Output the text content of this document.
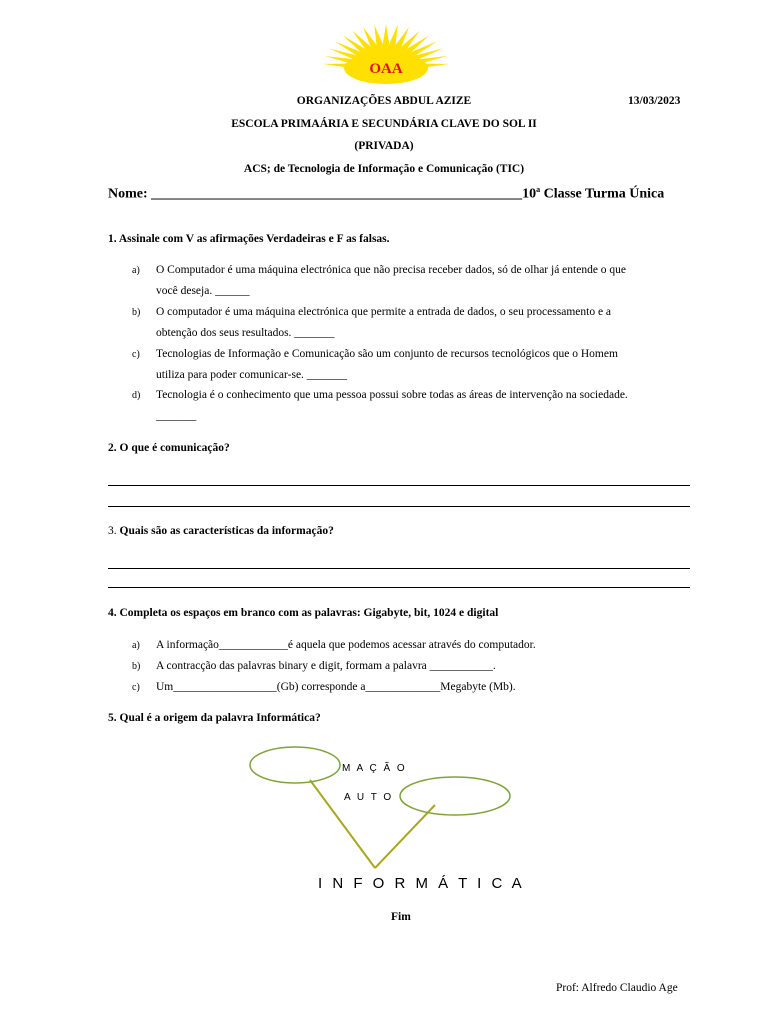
OAA
ORGANIZAÇÕES ABDUL AZIZE	13/03/2023
ESCOLA PRIMAÁRIA E SECUNDÁRIA CLAVE DO SOL II
(PRIVADA)
ACS; de Tecnologia de Informação e Comunicação (TIC)
Nome: _____________________________________________________10$^a$ Classe Turma Única
1. Assinale com V as afirmações Verdadeiras e F as falsas.
a) O Computador é uma máquina electrónica que não precisa receber dados, só de olhar já entende o que
você deseja. ______
b) O computador é uma máquina electrónica que permite a entrada de dados, o seu processamento e a
obtenção dos seus resultados. _______
c) Tecnologias de Informação e Comunicação são um conjunto de recursos tecnológicos que o Homem
utiliza para poder comunicar-se. _______
d) Tecnologia é o conhecimento que uma pessoa possui sobre todas as áreas de intervenção na sociedade.
_______
2. O que é comunicação?
3. Quais são as características da informação?
4. Completa os espaços em branco com as palavras: Gigabyte, bit, 1024 e digital
a) A informação____________é aquela que podemos acessar através do computador.
b) A contracção das palavras binary e digit, formam a palavra ___________.
c) Um__________________(Gb) corresponde a_____________Megabyte (Mb).
5. Qual é a origem da palavra Informática?
M A Ç Ã O
A U T O
I N F O R M Á T I C A
Fim
Prof: Alfredo Claudio Age
